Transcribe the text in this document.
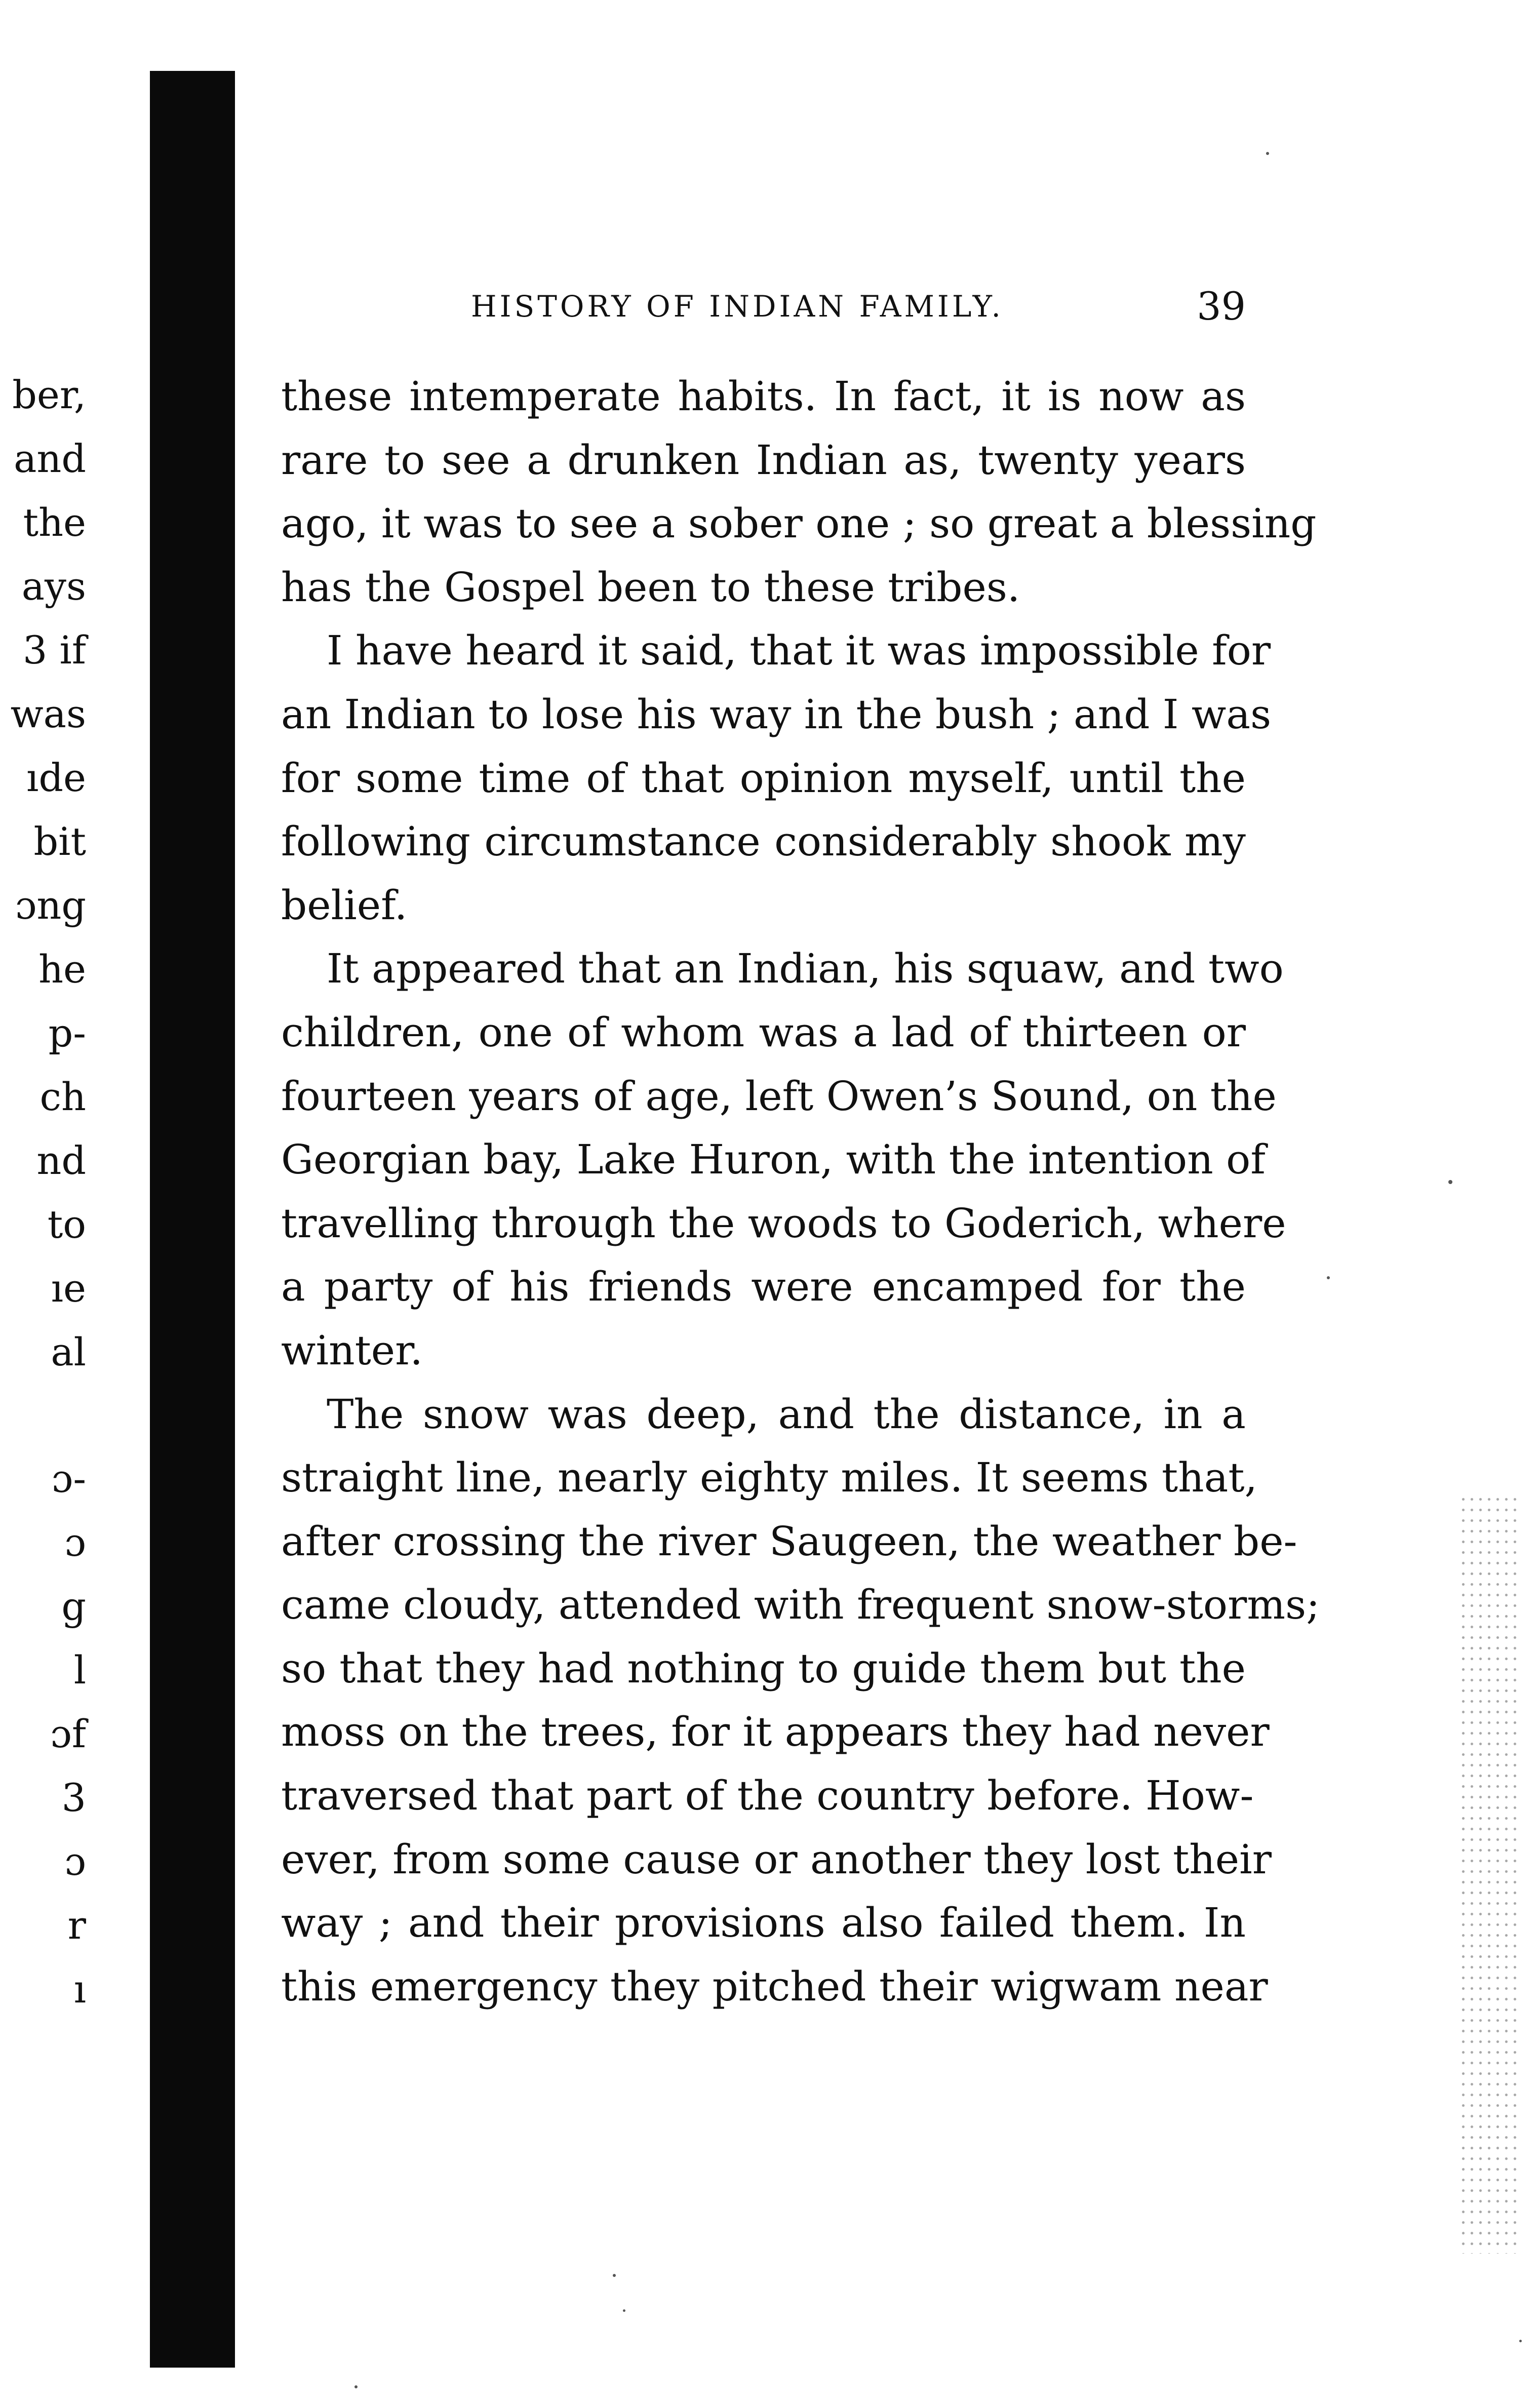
ber,
and
the
ays
3 if
was
ıde
bit
ɔng
he
p-
ch
nd
to
ıe
al
ɔ-
ɔ
g
l
ɔf
3
ɔ
r
ı
HISTORY OF INDIAN FAMILY.	39
these intemperate habits. In fact, it is now as
rare to see a drunken Indian as, twenty years
ago, it was to see a sober one ; so great a blessing
has the Gospel been to these tribes.
I have heard it said, that it was impossible for
an Indian to lose his way in the bush ; and I was
for some time of that opinion myself, until the
following circumstance considerably shook my
belief.
It appeared that an Indian, his squaw, and two
children, one of whom was a lad of thirteen or
fourteen years of age, left Owen’s Sound, on the
Georgian bay, Lake Huron, with the intention of
travelling through the woods to Goderich, where
a party of his friends were encamped for the
winter.
The snow was deep, and the distance, in a
straight line, nearly eighty miles. It seems that,
after crossing the river Saugeen, the weather be-
came cloudy, attended with frequent snow-storms;
so that they had nothing to guide them but the
moss on the trees, for it appears they had never
traversed that part of the country before. How-
ever, from some cause or another they lost their
way ; and their provisions also failed them. In
this emergency they pitched their wigwam near
